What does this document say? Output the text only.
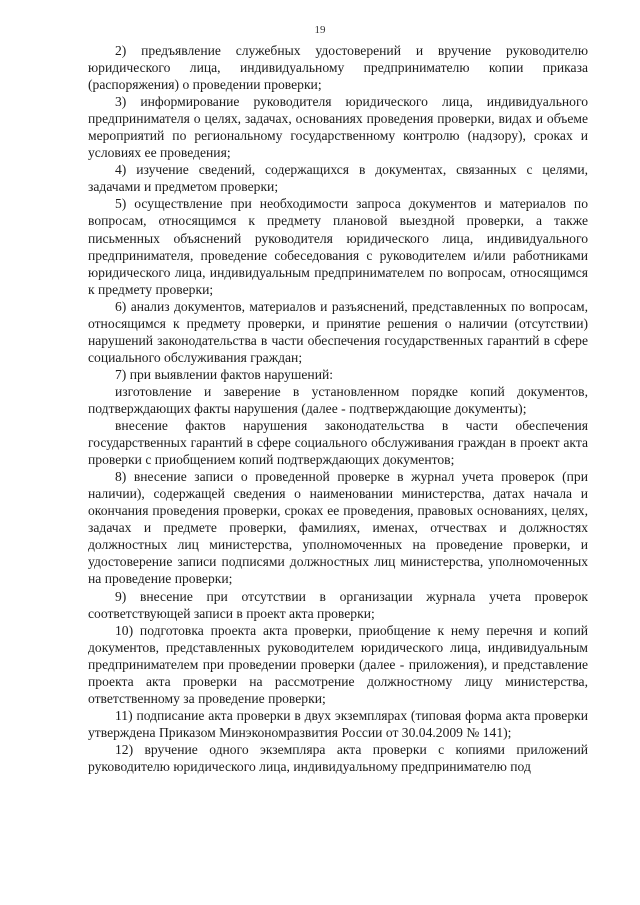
19

2) предъявление служебных удостоверений и вручение руководителю юридического лица, индивидуальному предпринимателю копии приказа (распоряжения) о проведении проверки;

3) информирование руководителя юридического лица, индивидуального предпринимателя о целях, задачах, основаниях проведения проверки, видах и объеме мероприятий по региональному государственному контролю (надзору), сроках и условиях ее проведения;

4) изучение сведений, содержащихся в документах, связанных с целями, задачами и предметом проверки;

5) осуществление при необходимости запроса документов и материалов по вопросам, относящимся к предмету плановой выездной проверки, а также письменных объяснений руководителя юридического лица, индивидуального предпринимателя, проведение собеседования с руководителем и/или работниками юридического лица, индивидуальным предпринимателем по вопросам, относящимся к предмету проверки;

6) анализ документов, материалов и разъяснений, представленных по вопросам, относящимся к предмету проверки, и принятие решения о наличии (отсутствии) нарушений законодательства в части обеспечения государственных гарантий в сфере социального обслуживания граждан;

7) при выявлении фактов нарушений:

изготовление и заверение в установленном порядке копий документов, подтверждающих факты нарушения (далее - подтверждающие документы);

внесение фактов нарушения законодательства в части обеспечения государственных гарантий в сфере социального обслуживания граждан в проект акта проверки с приобщением копий подтверждающих документов;

8) внесение записи о проведенной проверке в журнал учета проверок (при наличии), содержащей сведения о наименовании министерства, датах начала и окончания проведения проверки, сроках ее проведения, правовых основаниях, целях, задачах и предмете проверки, фамилиях, именах, отчествах и должностях должностных лиц министерства, уполномоченных на проведение проверки, и удостоверение записи подписями должностных лиц министерства, уполномоченных на проведение проверки;

9) внесение при отсутствии в организации журнала учета проверок соответствующей записи в проект акта проверки;

10) подготовка проекта акта проверки, приобщение к нему перечня и копий документов, представленных руководителем юридического лица, индивидуальным предпринимателем при проведении проверки (далее - приложения), и представление проекта акта проверки на рассмотрение должностному лицу министерства, ответственному за проведение проверки;

11) подписание акта проверки в двух экземплярах (типовая форма акта проверки утверждена Приказом Минэкономразвития России от 30.04.2009 № 141);

12) вручение одного экземпляра акта проверки с копиями приложений руководителю юридического лица, индивидуальному предпринимателю под
